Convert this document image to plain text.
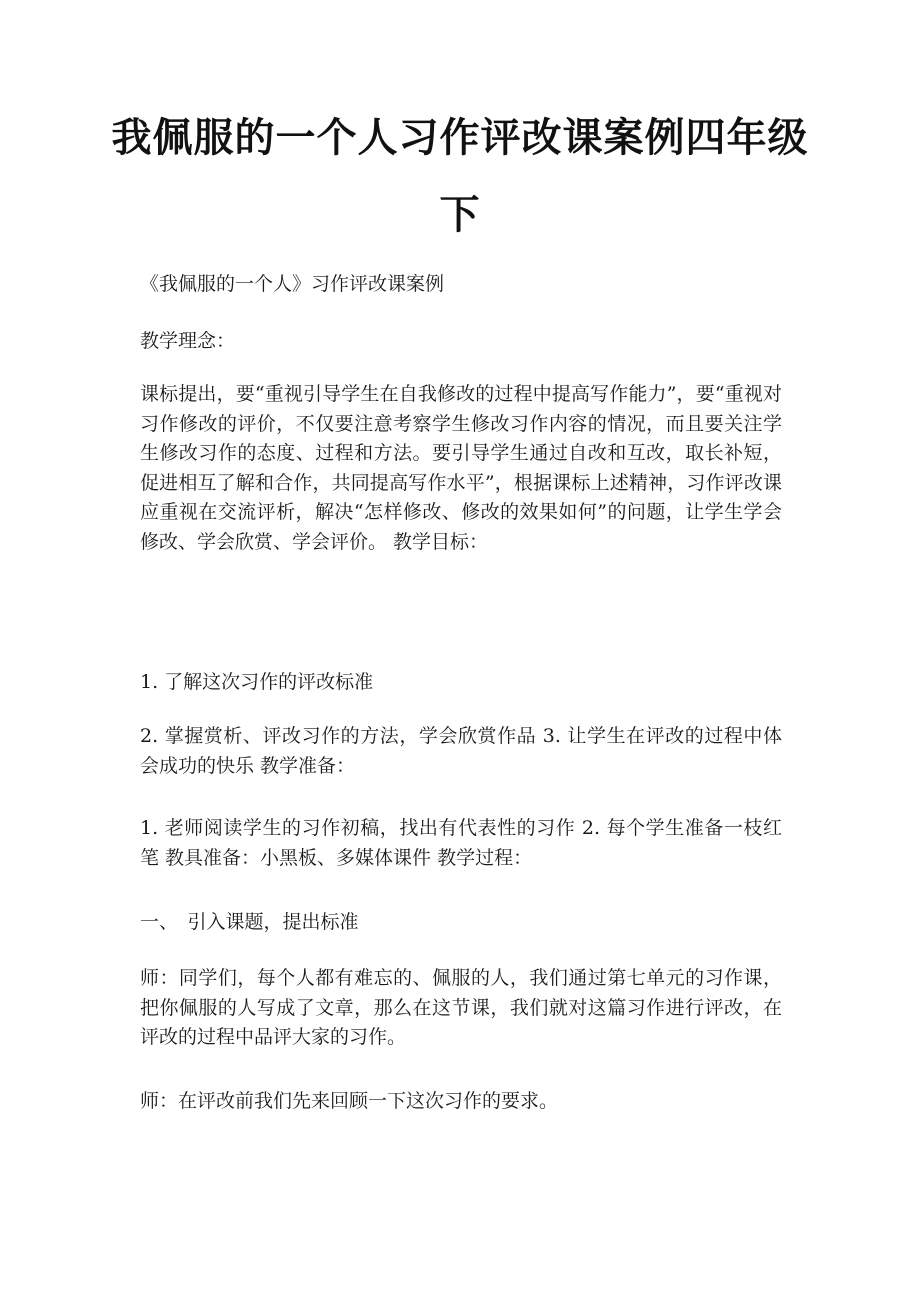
我佩服的一个人习作评改课案例四年级下

《我佩服的一个人》习作评改课案例

教学理念：

课标提出，要“重视引导学生在自我修改的过程中提高写作能力”，要“重视对习作修改的评价，不仅要注意考察学生修改习作内容的情况，而且要关注学生修改习作的态度、过程和方法。要引导学生通过自改和互改，取长补短，促进相互了解和合作，共同提高写作水平”，根据课标上述精神，习作评改课应重视在交流评析，解决“怎样修改、修改的效果如何”的问题，让学生学会修改、学会欣赏、学会评价。 教学目标：

1. 了解这次习作的评改标准

2. 掌握赏析、评改习作的方法，学会欣赏作品 3. 让学生在评改的过程中体会成功的快乐 教学准备：

1. 老师阅读学生的习作初稿，找出有代表性的习作 2. 每个学生准备一枝红笔 教具准备：小黑板、多媒体课件 教学过程：

一、　引入课题，提出标准

师：同学们，每个人都有难忘的、佩服的人，我们通过第七单元的习作课，把你佩服的人写成了文章，那么在这节课，我们就对这篇习作进行评改，在评改的过程中品评大家的习作。

师：在评改前我们先来回顾一下这次习作的要求。
